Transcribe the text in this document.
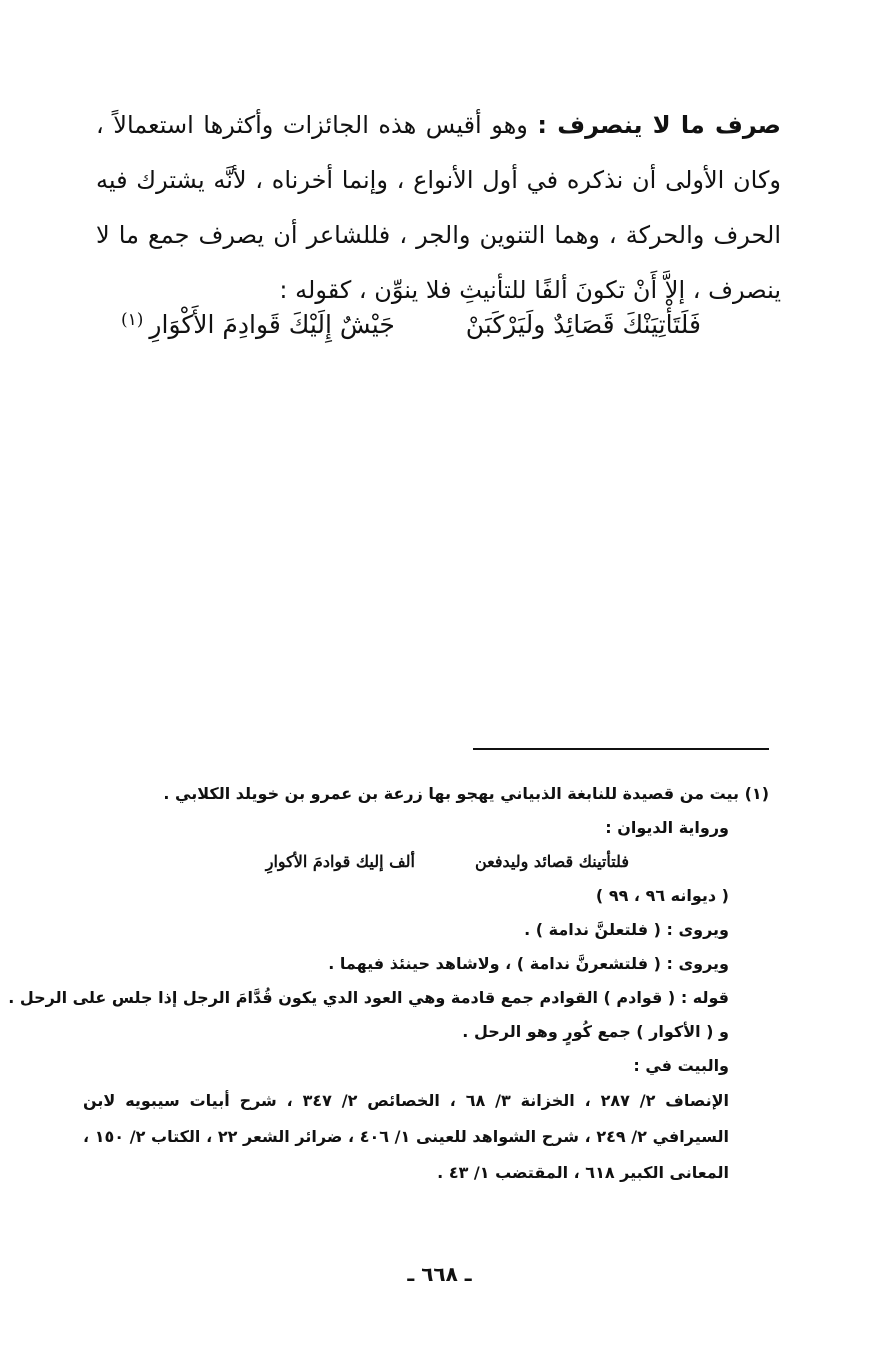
صرف ما لا ينصرف : وهو أقيس هذه الجائزات وأكثرها استعمالاً ، وكان الأولى أن نذكره في أول الأنواع ، وإنما أخرناه ، لأنَّه يشترك فيه الحرف والحركة ، وهما التنوين والجر ، فللشاعر أن يصرف جمع ما لا ينصرف ، إلاَّ أَنْ تكونَ ألفًا للتأنيثِ فلا ينوِّن ، كقوله :

فَلَتَأْتِيَنْكَ قَصَائِدٌ ولَيَرْكَبَنْ
جَيْشٌ إِلَيْكَ قَوادِمَ الأَكْوَارِ$^{(١)}$
(١) بيت من قصيدة للنابغة الذبياني يهجو بها زرعة بن عمرو بن خويلد الكلابي .
ورواية الديوان :
فلتأتينك قصائد وليدفعن
ألف إليك قوادمَ الأكوارِ
( ديوانه ٩٦ ، ٩٩ )
ويروى : ( فلتعلنَّ ندامة ) .
ويروى : ( فلتشعرنَّ ندامة ) ، ولاشاهد حينئذ فيهما .
قوله : ( قوادم ) القوادم جمع قادمة وهي العود الدي يكون قُدَّامَ الرجل إذا جلس على الرحل .
و ( الأكوار ) جمع كُورٍ وهو الرحل .
والبيت في :
الإنصاف ٢/ ٢٨٧ ، الخزانة ٣/ ٦٨ ، الخصائص ٢/ ٣٤٧ ، شرح أبيات سيبويه لابن السيرافي ٢/ ٢٤٩ ، شرح الشواهد للعينى ١/ ٤٠٦ ، ضرائر الشعر ٢٢ ، الكتاب ٢/ ١٥٠ ، المعانى الكبير ٦١٨ ، المقتضب ١/ ٤٣ .
ـ ٦٦٨ ـ
